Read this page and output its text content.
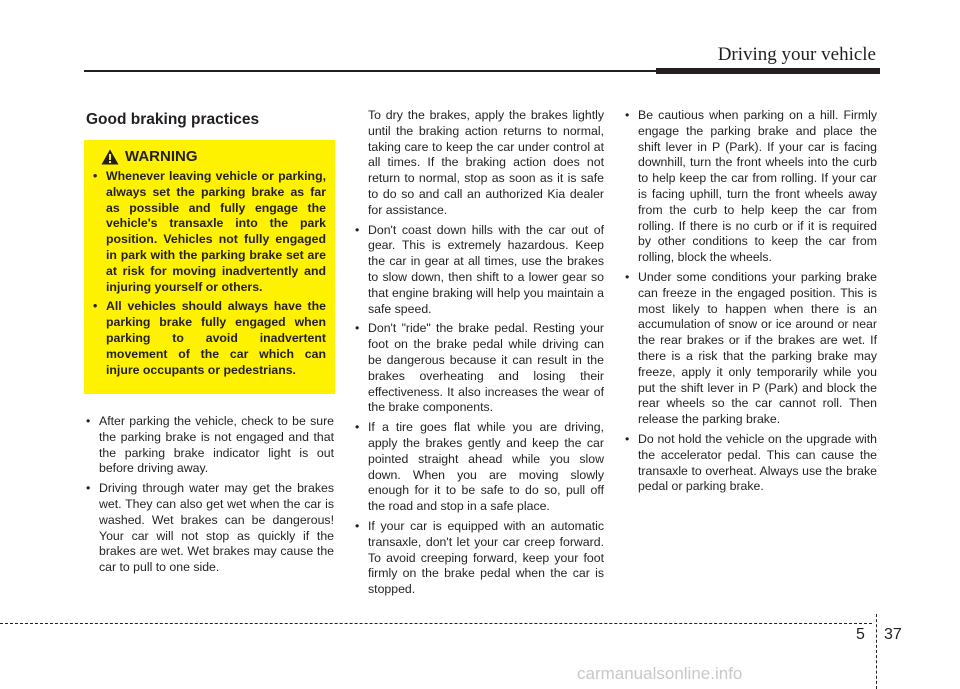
Driving your vehicle
Good braking practices
WARNING
• Whenever leaving vehicle or parking, always set the parking brake as far as possible and fully engage the vehicle's transaxle into the park position. Vehicles not fully engaged in park with the parking brake set are at risk for moving inadvertently and injuring yourself or others.
• All vehicles should always have the parking brake fully engaged when parking to avoid inadvertent movement of the car which can injure occupants or pedestrians.
• After parking the vehicle, check to be sure the parking brake is not engaged and that the parking brake indicator light is out before driving away.
• Driving through water may get the brakes wet. They can also get wet when the car is washed. Wet brakes can be dangerous! Your car will not stop as quickly if the brakes are wet. Wet brakes may cause the car to pull to one side.

To dry the brakes, apply the brakes lightly until the braking action returns to normal, taking care to keep the car under control at all times. If the braking action does not return to normal, stop as soon as it is safe to do so and call an authorized Kia dealer for assistance.

• Don't coast down hills with the car out of gear. This is extremely hazardous. Keep the car in gear at all times, use the brakes to slow down, then shift to a lower gear so that engine braking will help you maintain a safe speed.
• Don't "ride" the brake pedal. Resting your foot on the brake pedal while driving can be dangerous because it can result in the brakes overheating and losing their effectiveness. It also increases the wear of the brake components.
• If a tire goes flat while you are driving, apply the brakes gently and keep the car pointed straight ahead while you slow down. When you are moving slowly enough for it to be safe to do so, pull off the road and stop in a safe place.
• If your car is equipped with an automatic transaxle, don't let your car creep forward. To avoid creeping forward, keep your foot firmly on the brake pedal when the car is stopped.
• Be cautious when parking on a hill. Firmly engage the parking brake and place the shift lever in P (Park). If your car is facing downhill, turn the front wheels into the curb to help keep the car from rolling. If your car is facing uphill, turn the front wheels away from the curb to help keep the car from rolling. If there is no curb or if it is required by other conditions to keep the car from rolling, block the wheels.
• Under some conditions your parking brake can freeze in the engaged position. This is most likely to happen when there is an accumulation of snow or ice around or near the rear brakes or if the brakes are wet. If there is a risk that the parking brake may freeze, apply it only temporarily while you put the shift lever in P (Park) and block the rear wheels so the car cannot roll. Then release the parking brake.
• Do not hold the vehicle on the upgrade with the accelerator pedal. This can cause the transaxle to overheat. Always use the brake pedal or parking brake.
5 37
carmanualsonline.info
